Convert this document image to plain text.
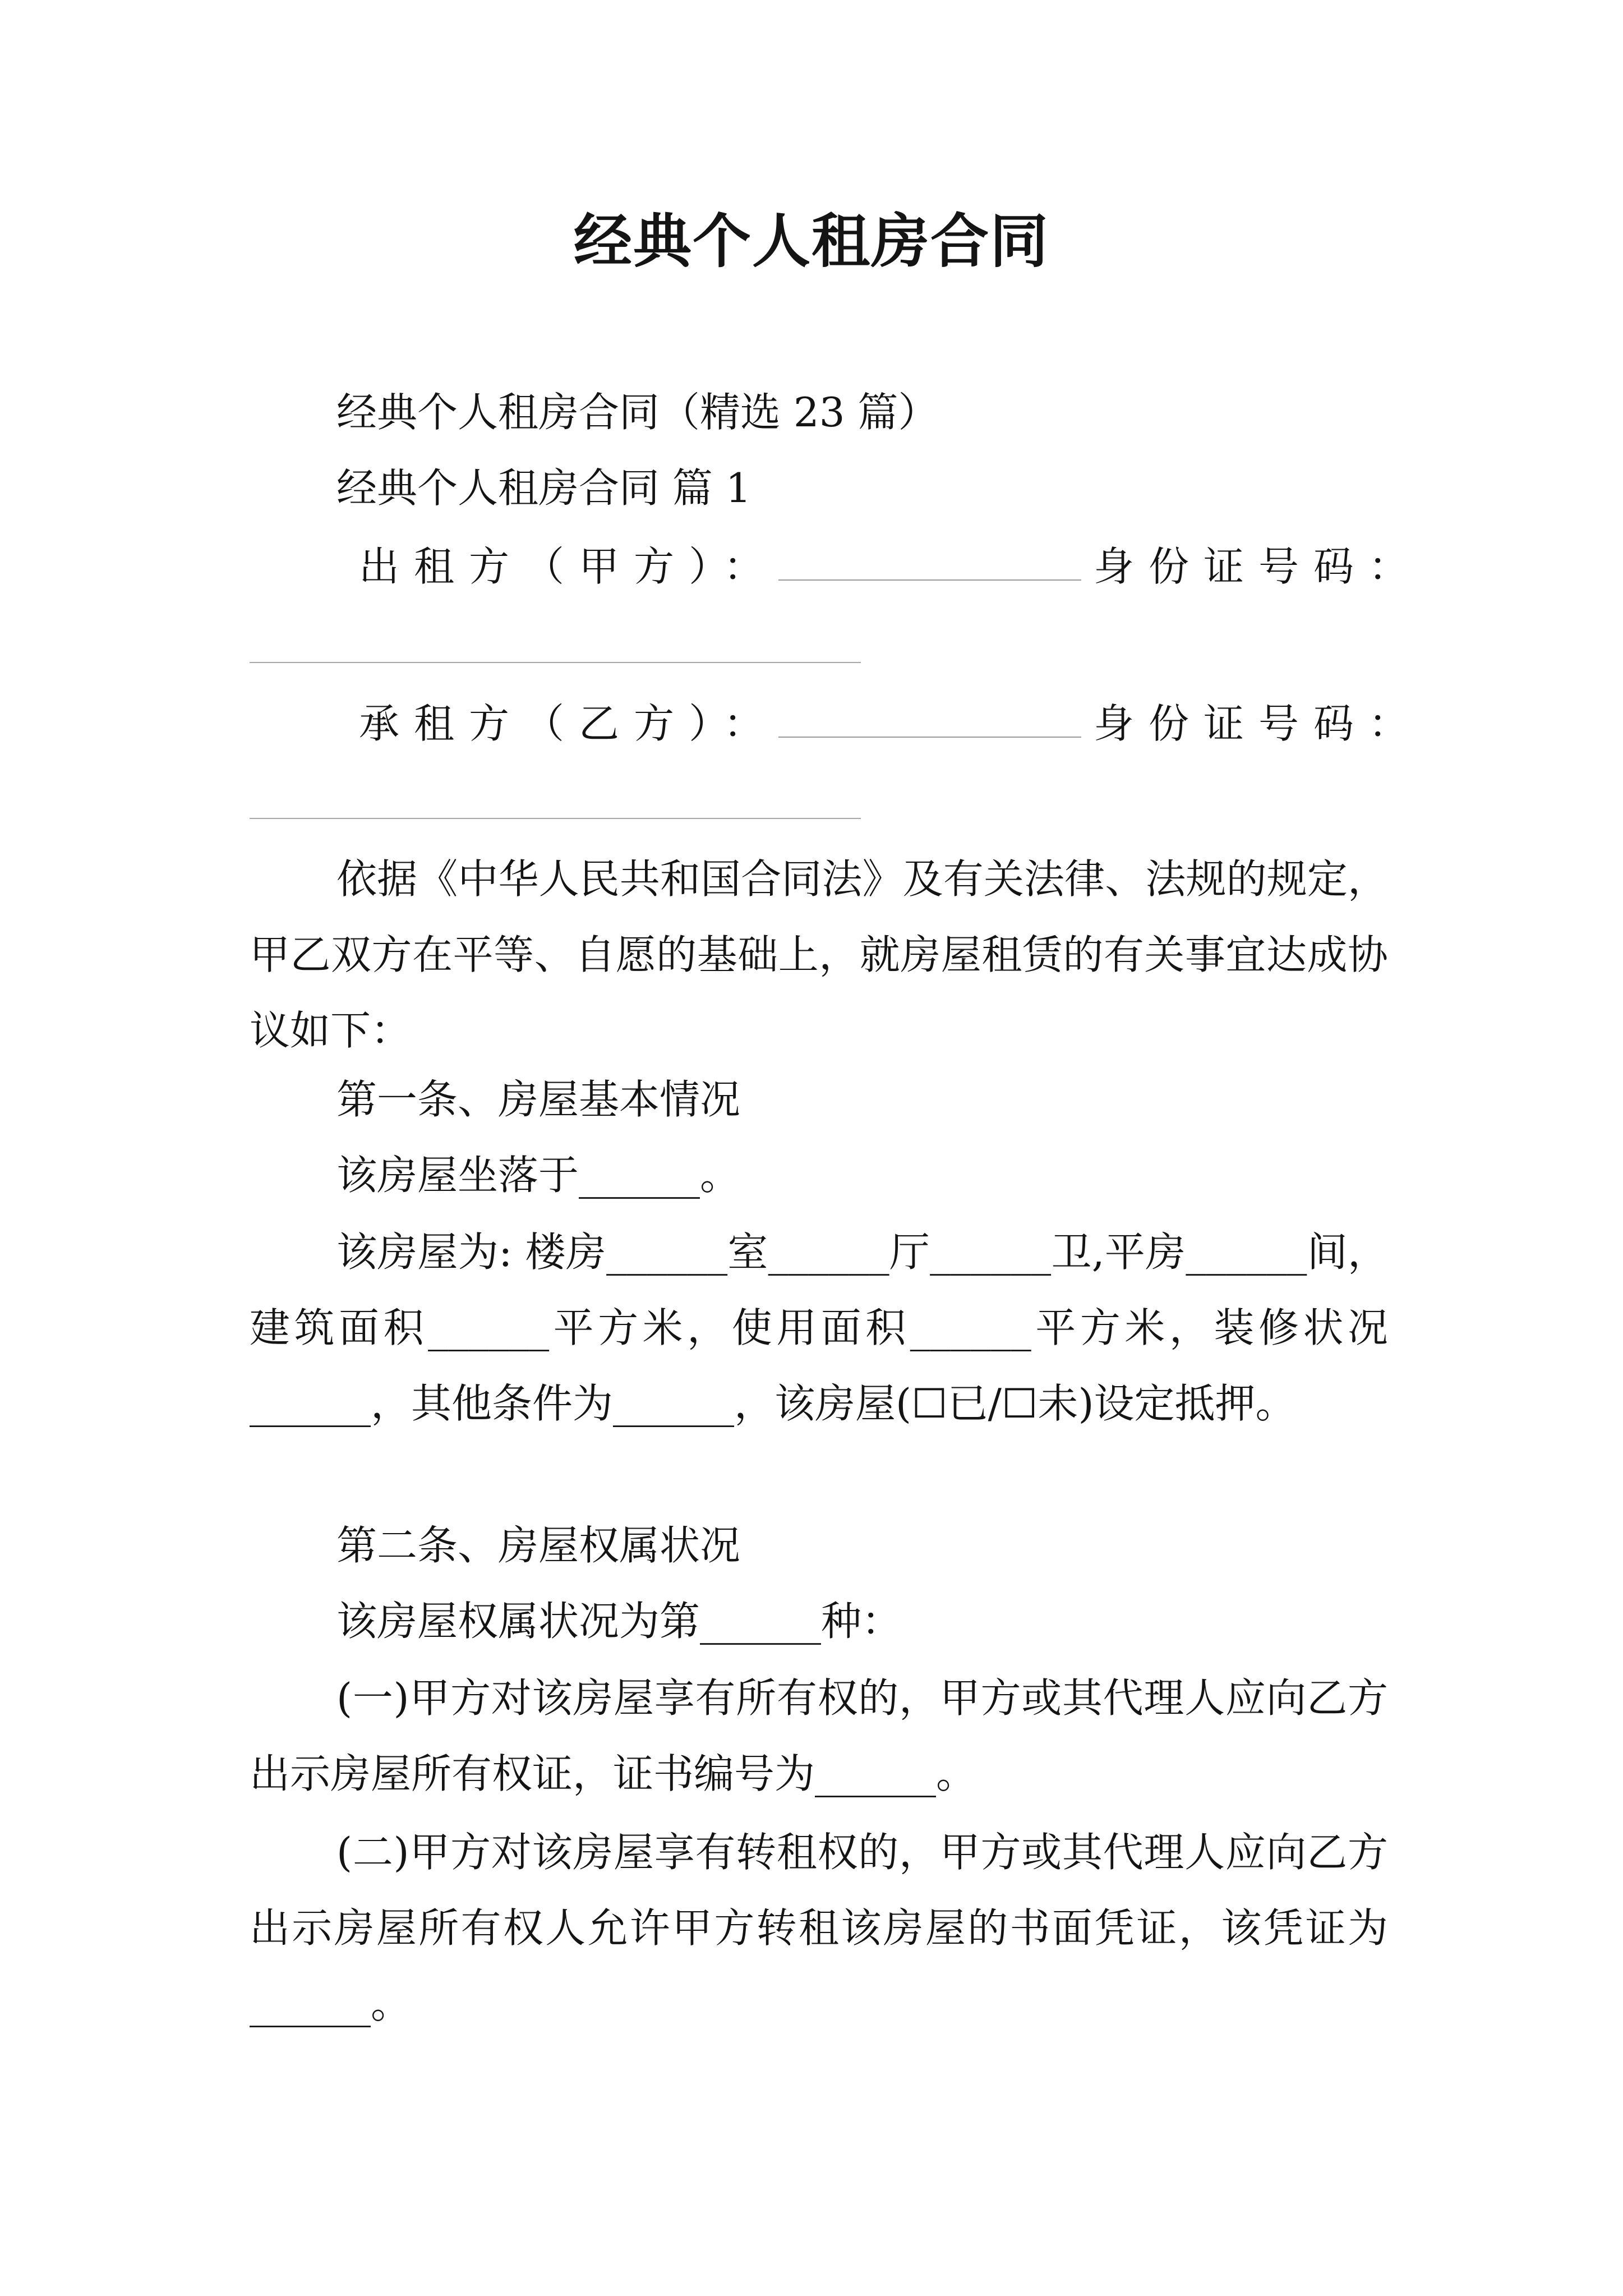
经典个人租房合同
经典个人租房合同（精选 23 篇）
经典个人租房合同 篇 1
出租方（甲方）：	身份证号码：
承租方（乙方）：	身份证号码：
依据《中华人民共和国合同法》及有关法律、法规的规定，甲乙双方在平等、自愿的基础上，就房屋租赁的有关事宜达成协议如下：
第一条、房屋基本情况
该房屋坐落于______。
该房屋为: 楼房______室______厅______卫,平房______间，建筑面积______平方米，使用面积______平方米，装修状况______，其他条件为______，该房屋(☐已/☐未)设定抵押。
第二条、房屋权属状况
该房屋权属状况为第______种：
(一)甲方对该房屋享有所有权的，甲方或其代理人应向乙方出示房屋所有权证，证书编号为______。
(二)甲方对该房屋享有转租权的，甲方或其代理人应向乙方出示房屋所有权人允许甲方转租该房屋的书面凭证，该凭证为______。
